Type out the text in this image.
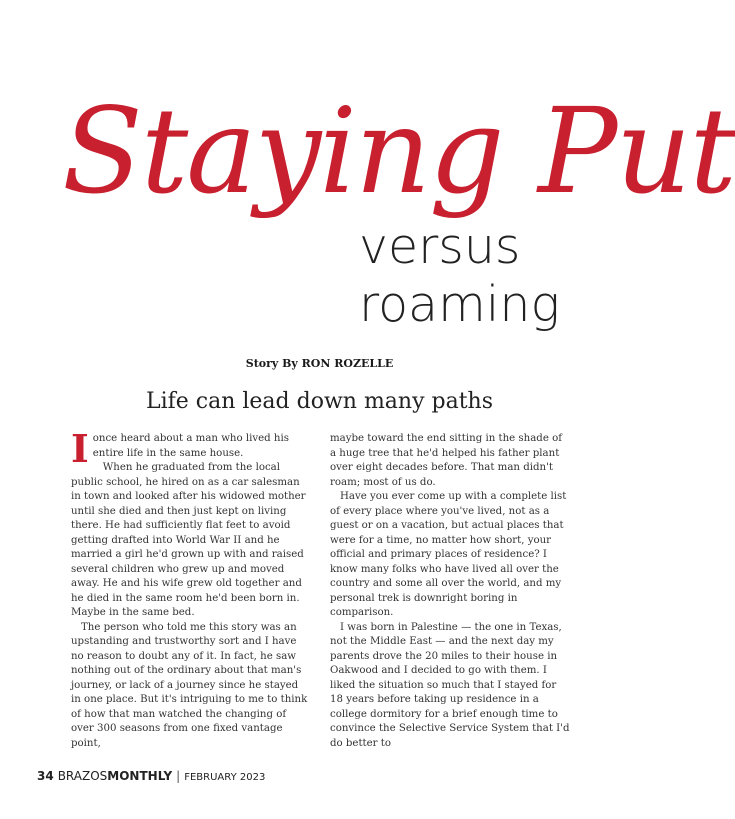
Staying Put
versus
roaming
Story By RON ROZELLE
Life can lead down many paths

Ionce heard about a man who lived his entire life in the same house.

When he graduated from the local public school, he hired on as a car salesman in town and looked after his widowed mother until she died and then just kept on living there. He had sufficiently flat feet to avoid getting drafted into World War II and he married a girl he'd grown up with and raised several children who grew up and moved away. He and his wife grew old together and he died in the same room he'd been born in. Maybe in the same bed.

The person who told me this story was an upstanding and trustworthy sort and I have no reason to doubt any of it. In fact, he saw nothing out of the ordinary about that man's journey, or lack of a journey since he stayed in one place. But it's intriguing to me to think of how that man watched the changing of over 300 seasons from one fixed vantage point,

maybe toward the end sitting in the shade of a huge tree that he'd helped his father plant over eight decades before. That man didn't roam; most of us do.

Have you ever come up with a complete list of every place where you've lived, not as a guest or on a vacation, but actual places that were for a time, no matter how short, your official and primary places of residence? I know many folks who have lived all over the country and some all over the world, and my personal trek is downright boring in comparison.

I was born in Palestine — the one in Texas, not the Middle East — and the next day my parents drove the 20 miles to their house in Oakwood and I decided to go with them. I liked the situation so much that I stayed for 18 years before taking up residence in a college dormitory for a brief enough time to convince the Selective Service System that I'd do better to

34 BRAZOSMONTHLY | FEBRUARY 2023
